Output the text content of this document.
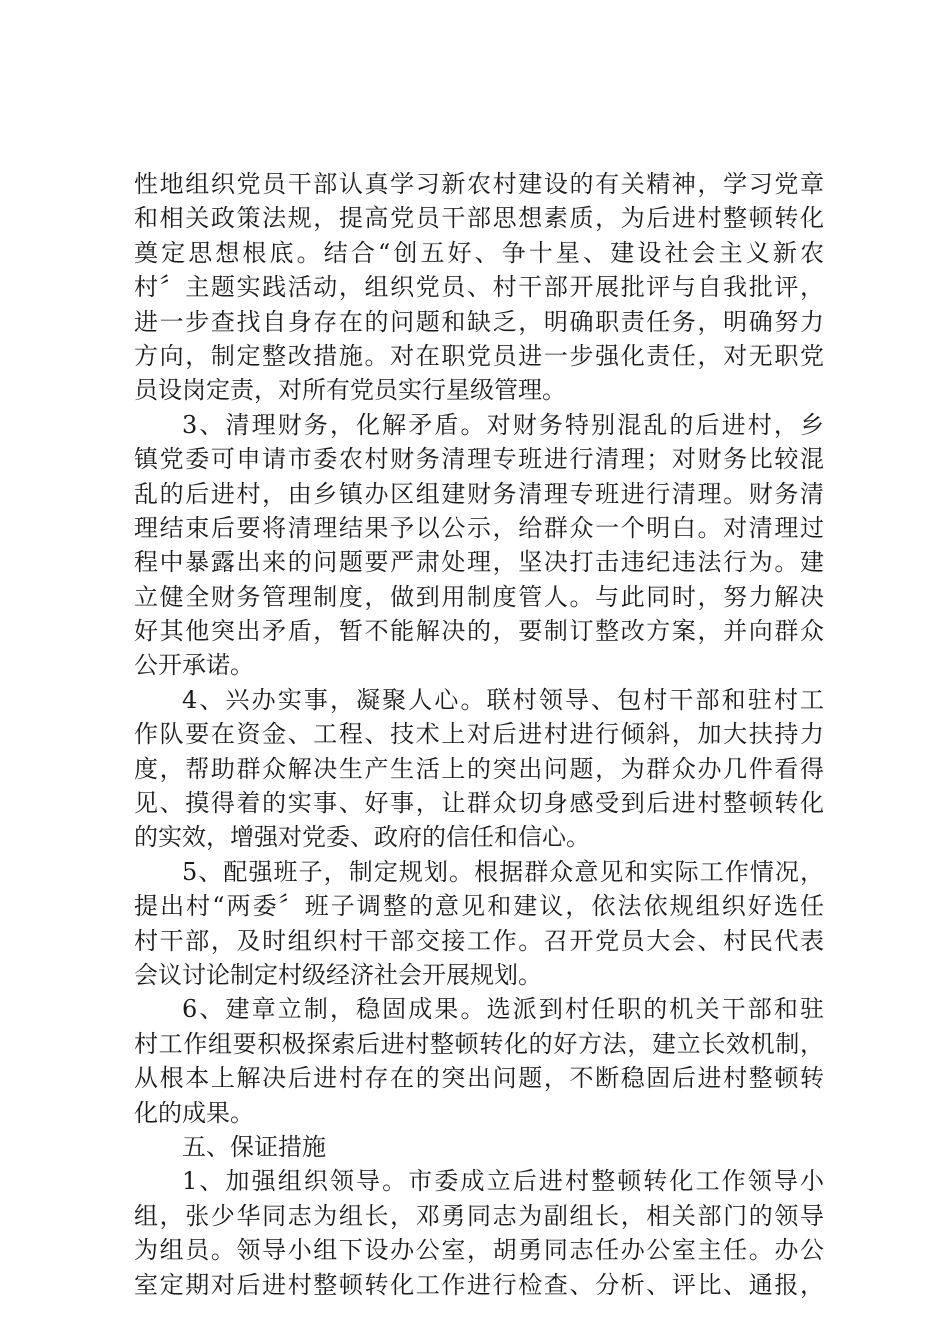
性地组织党员干部认真学习新农村建设的有关精神，学习党章
和相关政策法规，提高党员干部思想素质，为后进村整顿转化
奠定思想根底。结合“创五好、争十星、建设社会主义新农
村〞主题实践活动，组织党员、村干部开展批评与自我批评，
进一步查找自身存在的问题和缺乏，明确职责任务，明确努力
方向，制定整改措施。对在职党员进一步强化责任，对无职党
员设岗定责，对所有党员实行星级管理。
3、清理财务，化解矛盾。对财务特别混乱的后进村，乡
镇党委可申请市委农村财务清理专班进行清理；对财务比较混
乱的后进村，由乡镇办区组建财务清理专班进行清理。财务清
理结束后要将清理结果予以公示，给群众一个明白。对清理过
程中暴露出来的问题要严肃处理，坚决打击违纪违法行为。建
立健全财务管理制度，做到用制度管人。与此同时，努力解决
好其他突出矛盾，暂不能解决的，要制订整改方案，并向群众
公开承诺。
4、兴办实事，凝聚人心。联村领导、包村干部和驻村工
作队要在资金、工程、技术上对后进村进行倾斜，加大扶持力
度，帮助群众解决生产生活上的突出问题，为群众办几件看得
见、摸得着的实事、好事，让群众切身感受到后进村整顿转化
的实效，增强对党委、政府的信任和信心。
5、配强班子，制定规划。根据群众意见和实际工作情况，
提出村“两委〞班子调整的意见和建议，依法依规组织好选任
村干部，及时组织村干部交接工作。召开党员大会、村民代表
会议讨论制定村级经济社会开展规划。
6、建章立制，稳固成果。选派到村任职的机关干部和驻
村工作组要积极探索后进村整顿转化的好方法，建立长效机制，
从根本上解决后进村存在的突出问题，不断稳固后进村整顿转
化的成果。
五、保证措施
1、加强组织领导。市委成立后进村整顿转化工作领导小
组，张少华同志为组长，邓勇同志为副组长，相关部门的领导
为组员。领导小组下设办公室，胡勇同志任办公室主任。办公
室定期对后进村整顿转化工作进行检查、分析、评比、通报，
